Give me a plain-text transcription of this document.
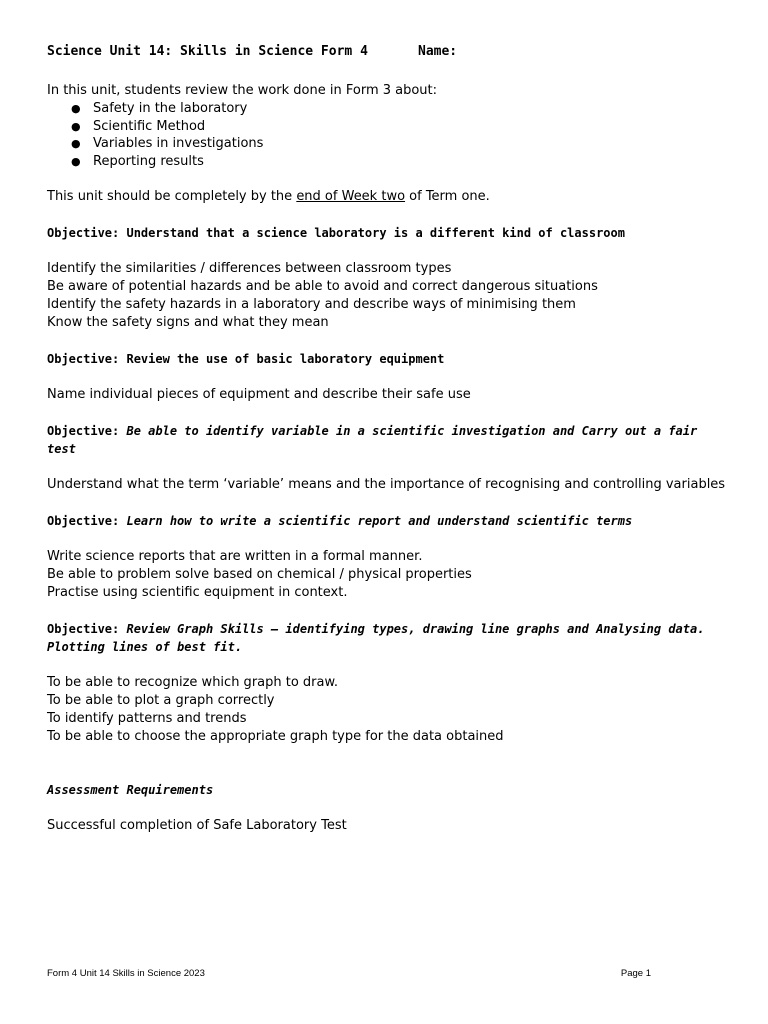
Science Unit 14: Skills in Science Form 4	Name:

In this unit, students review the work done in Form 3 about:

● Safety in the laboratory
● Scientific Method
● Variables in investigations
● Reporting results

This unit should be completely by the end of Week two of Term one.

Objective: Understand that a science laboratory is a different kind of classroom

Identify the similarities / differences between classroom types

Be aware of potential hazards and be able to avoid and correct dangerous situations

Identify the safety hazards in a laboratory and describe ways of minimising them

Know the safety signs and what they mean

Objective: Review the use of basic laboratory equipment

Name individual pieces of equipment and describe their safe use

Objective: Be able to identify variable in a scientific investigation and Carry out a fair test

Understand what the term ‘variable’ means and the importance of recognising and controlling variables

Objective: Learn how to write a scientific report and understand scientific terms

Write science reports that are written in a formal manner.

Be able to problem solve based on chemical / physical properties

Practise using scientific equipment in context.

Objective: Review Graph Skills – identifying types, drawing line graphs and Analysing data. Plotting lines of best fit.

To be able to recognize which graph to draw.

To be able to plot a graph correctly

To identify patterns and trends

To be able to choose the appropriate graph type for the data obtained

Assessment Requirements

Successful completion of Safe Laboratory Test

Form 4 Unit 14 Skills in Science 2023	Page 1
